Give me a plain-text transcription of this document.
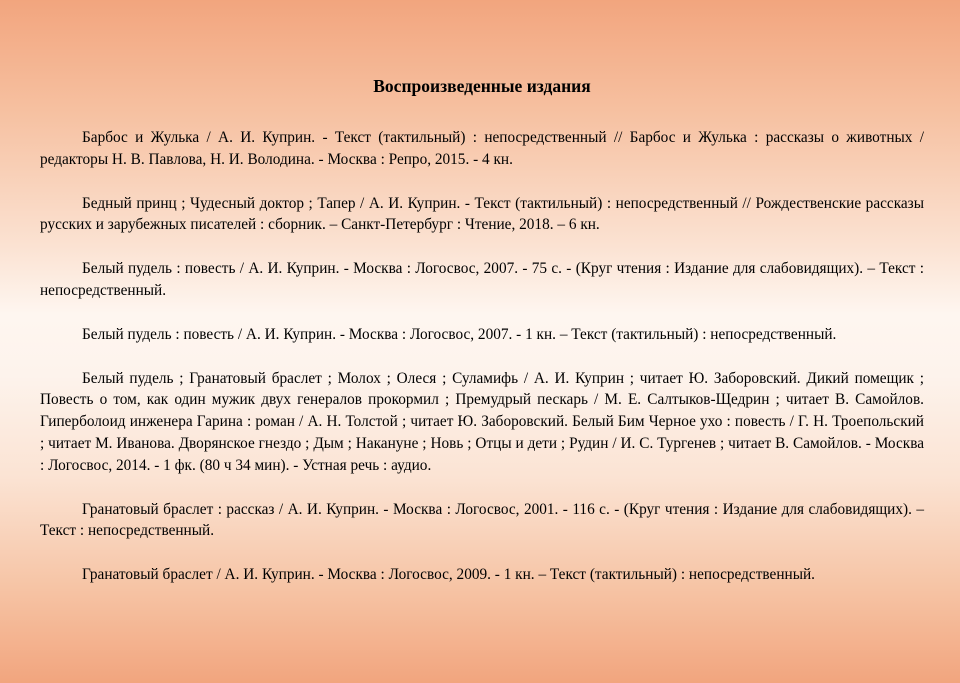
Воспроизведенные издания

Барбос и Жулька / А. И. Куприн. - Текст (тактильный) : непосредственный // Барбос и Жулька : рассказы о животных / редакторы Н. В. Павлова, Н. И. Володина. - Москва : Репро, 2015. - 4 кн.

Бедный принц ; Чудесный доктор ; Тапер / А. И. Куприн. - Текст (тактильный) : непосредственный // Рождественские рассказы русских и зарубежных писателей : сборник. – Санкт-Петербург : Чтение, 2018. – 6 кн.

Белый пудель : повесть / А. И. Куприн. - Москва : Логосвос, 2007. - 75 с. - (Круг чтения : Издание для слабовидящих). – Текст : непосредственный.

Белый пудель : повесть / А. И. Куприн. - Москва : Логосвос, 2007. - 1 кн. – Текст (тактильный) : непосредственный.

Белый пудель ; Гранатовый браслет ; Молох ; Олеся ; Суламифь / А. И. Куприн ; читает Ю. Заборовский. Дикий помещик ; Повесть о том, как один мужик двух генералов прокормил ; Премудрый пескарь / М. Е. Салтыков-Щедрин ; читает В. Самойлов. Гиперболоид инженера Гарина : роман / А. Н. Толстой ; читает Ю. Заборовский. Белый Бим Черное ухо : повесть / Г. Н. Троепольский ; читает М. Иванова. Дворянское гнездо ; Дым ; Накануне ; Новь ; Отцы и дети ; Рудин / И. С. Тургенев ; читает В. Самойлов. - Москва : Логосвос, 2014. - 1 фк. (80 ч 34 мин). - Устная речь : аудио.

Гранатовый браслет : рассказ / А. И. Куприн. - Москва : Логосвос, 2001. - 116 с. - (Круг чтения : Издание для слабовидящих). – Текст : непосредственный.

Гранатовый браслет / А. И. Куприн. - Москва : Логосвос, 2009. - 1 кн. – Текст (тактильный) : непосредственный.
